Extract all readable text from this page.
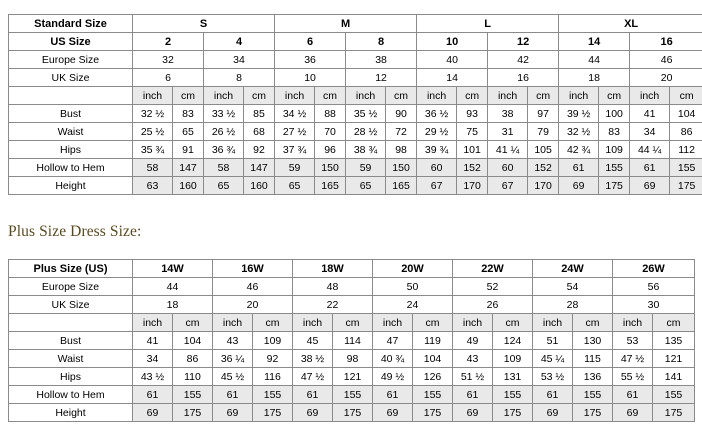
Standard Size	S				M				L				XL			
US Size	2		4		6		8		10		12		14		16	
Europe Size	32		34		36		38		40		42		44		46	
UK Size	6		8		10		12		14		16		18		20	
	inch	cm	inch	cm	inch	cm	inch	cm	inch	cm	inch	cm	inch	cm	inch	cm
Bust	32 ½	83	33 ½	85	34 ½	88	35 ½	90	36 ½	93	38	97	39 ½	100	41	104
Waist	25 ½	65	26 ½	68	27 ½	70	28 ½	72	29 ½	75	31	79	32 ½	83	34	86
Hips	35 ¾	91	36 ¾	92	37 ¾	96	38 ¾	98	39 ¾	101	41 ¼	105	42 ¾	109	44 ¼	112
Hollow to Hem	58	147	58	147	59	150	59	150	60	152	60	152	61	155	61	155
Height	63	160	65	160	65	165	65	165	67	170	67	170	69	175	69	175
Plus Size Dress Size:
Plus Size (US)	14W		16W		18W		20W		22W		24W		26W	
Europe Size	44		46		48		50		52		54		56	
UK Size	18		20		22		24		26		28		30	
	inch	cm	inch	cm	inch	cm	inch	cm	inch	cm	inch	cm	inch	cm
Bust	41	104	43	109	45	114	47	119	49	124	51	130	53	135
Waist	34	86	36 ¼	92	38 ½	98	40 ¾	104	43	109	45 ¼	115	47 ½	121
Hips	43 ½	110	45 ½	116	47 ½	121	49 ½	126	51 ½	131	53 ½	136	55 ½	141
Hollow to Hem	61	155	61	155	61	155	61	155	61	155	61	155	61	155
Height	69	175	69	175	69	175	69	175	69	175	69	175	69	175
